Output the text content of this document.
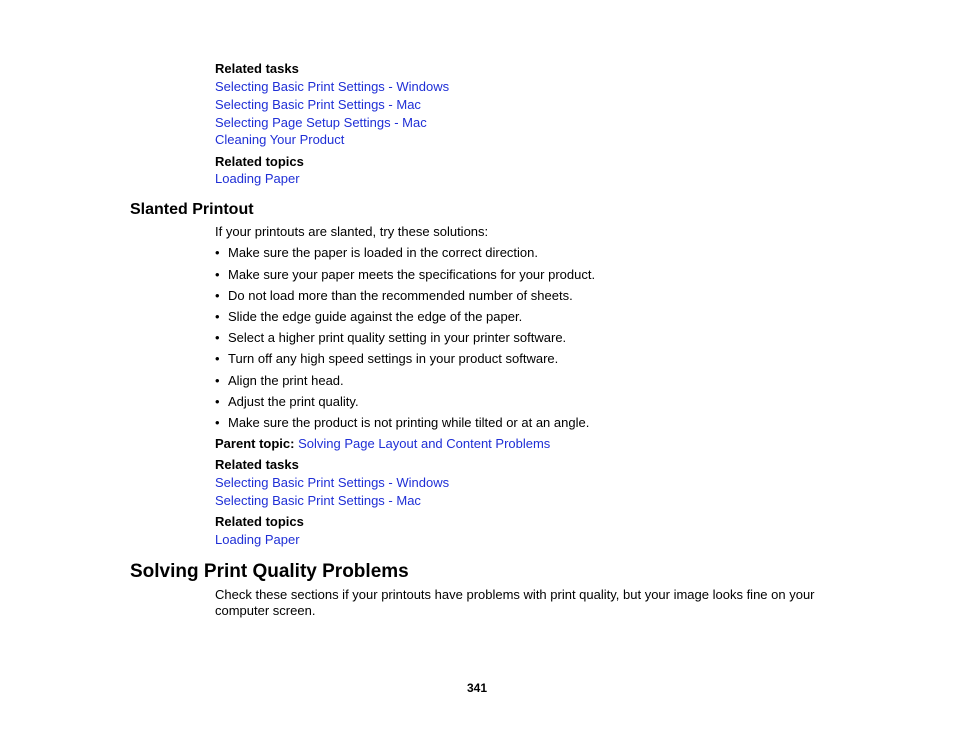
Related tasks
Selecting Basic Print Settings - Windows
Selecting Basic Print Settings - Mac
Selecting Page Setup Settings - Mac
Cleaning Your Product
Related topics
Loading Paper
Slanted Printout
If your printouts are slanted, try these solutions:
• Make sure the paper is loaded in the correct direction.
• Make sure your paper meets the specifications for your product.
• Do not load more than the recommended number of sheets.
• Slide the edge guide against the edge of the paper.
• Select a higher print quality setting in your printer software.
• Turn off any high speed settings in your product software.
• Align the print head.
• Adjust the print quality.
• Make sure the product is not printing while tilted or at an angle.
Parent topic: Solving Page Layout and Content Problems
Related tasks
Selecting Basic Print Settings - Windows
Selecting Basic Print Settings - Mac
Related topics
Loading Paper
Solving Print Quality Problems
Check these sections if your printouts have problems with print quality, but your image looks fine on your computer screen.
341
